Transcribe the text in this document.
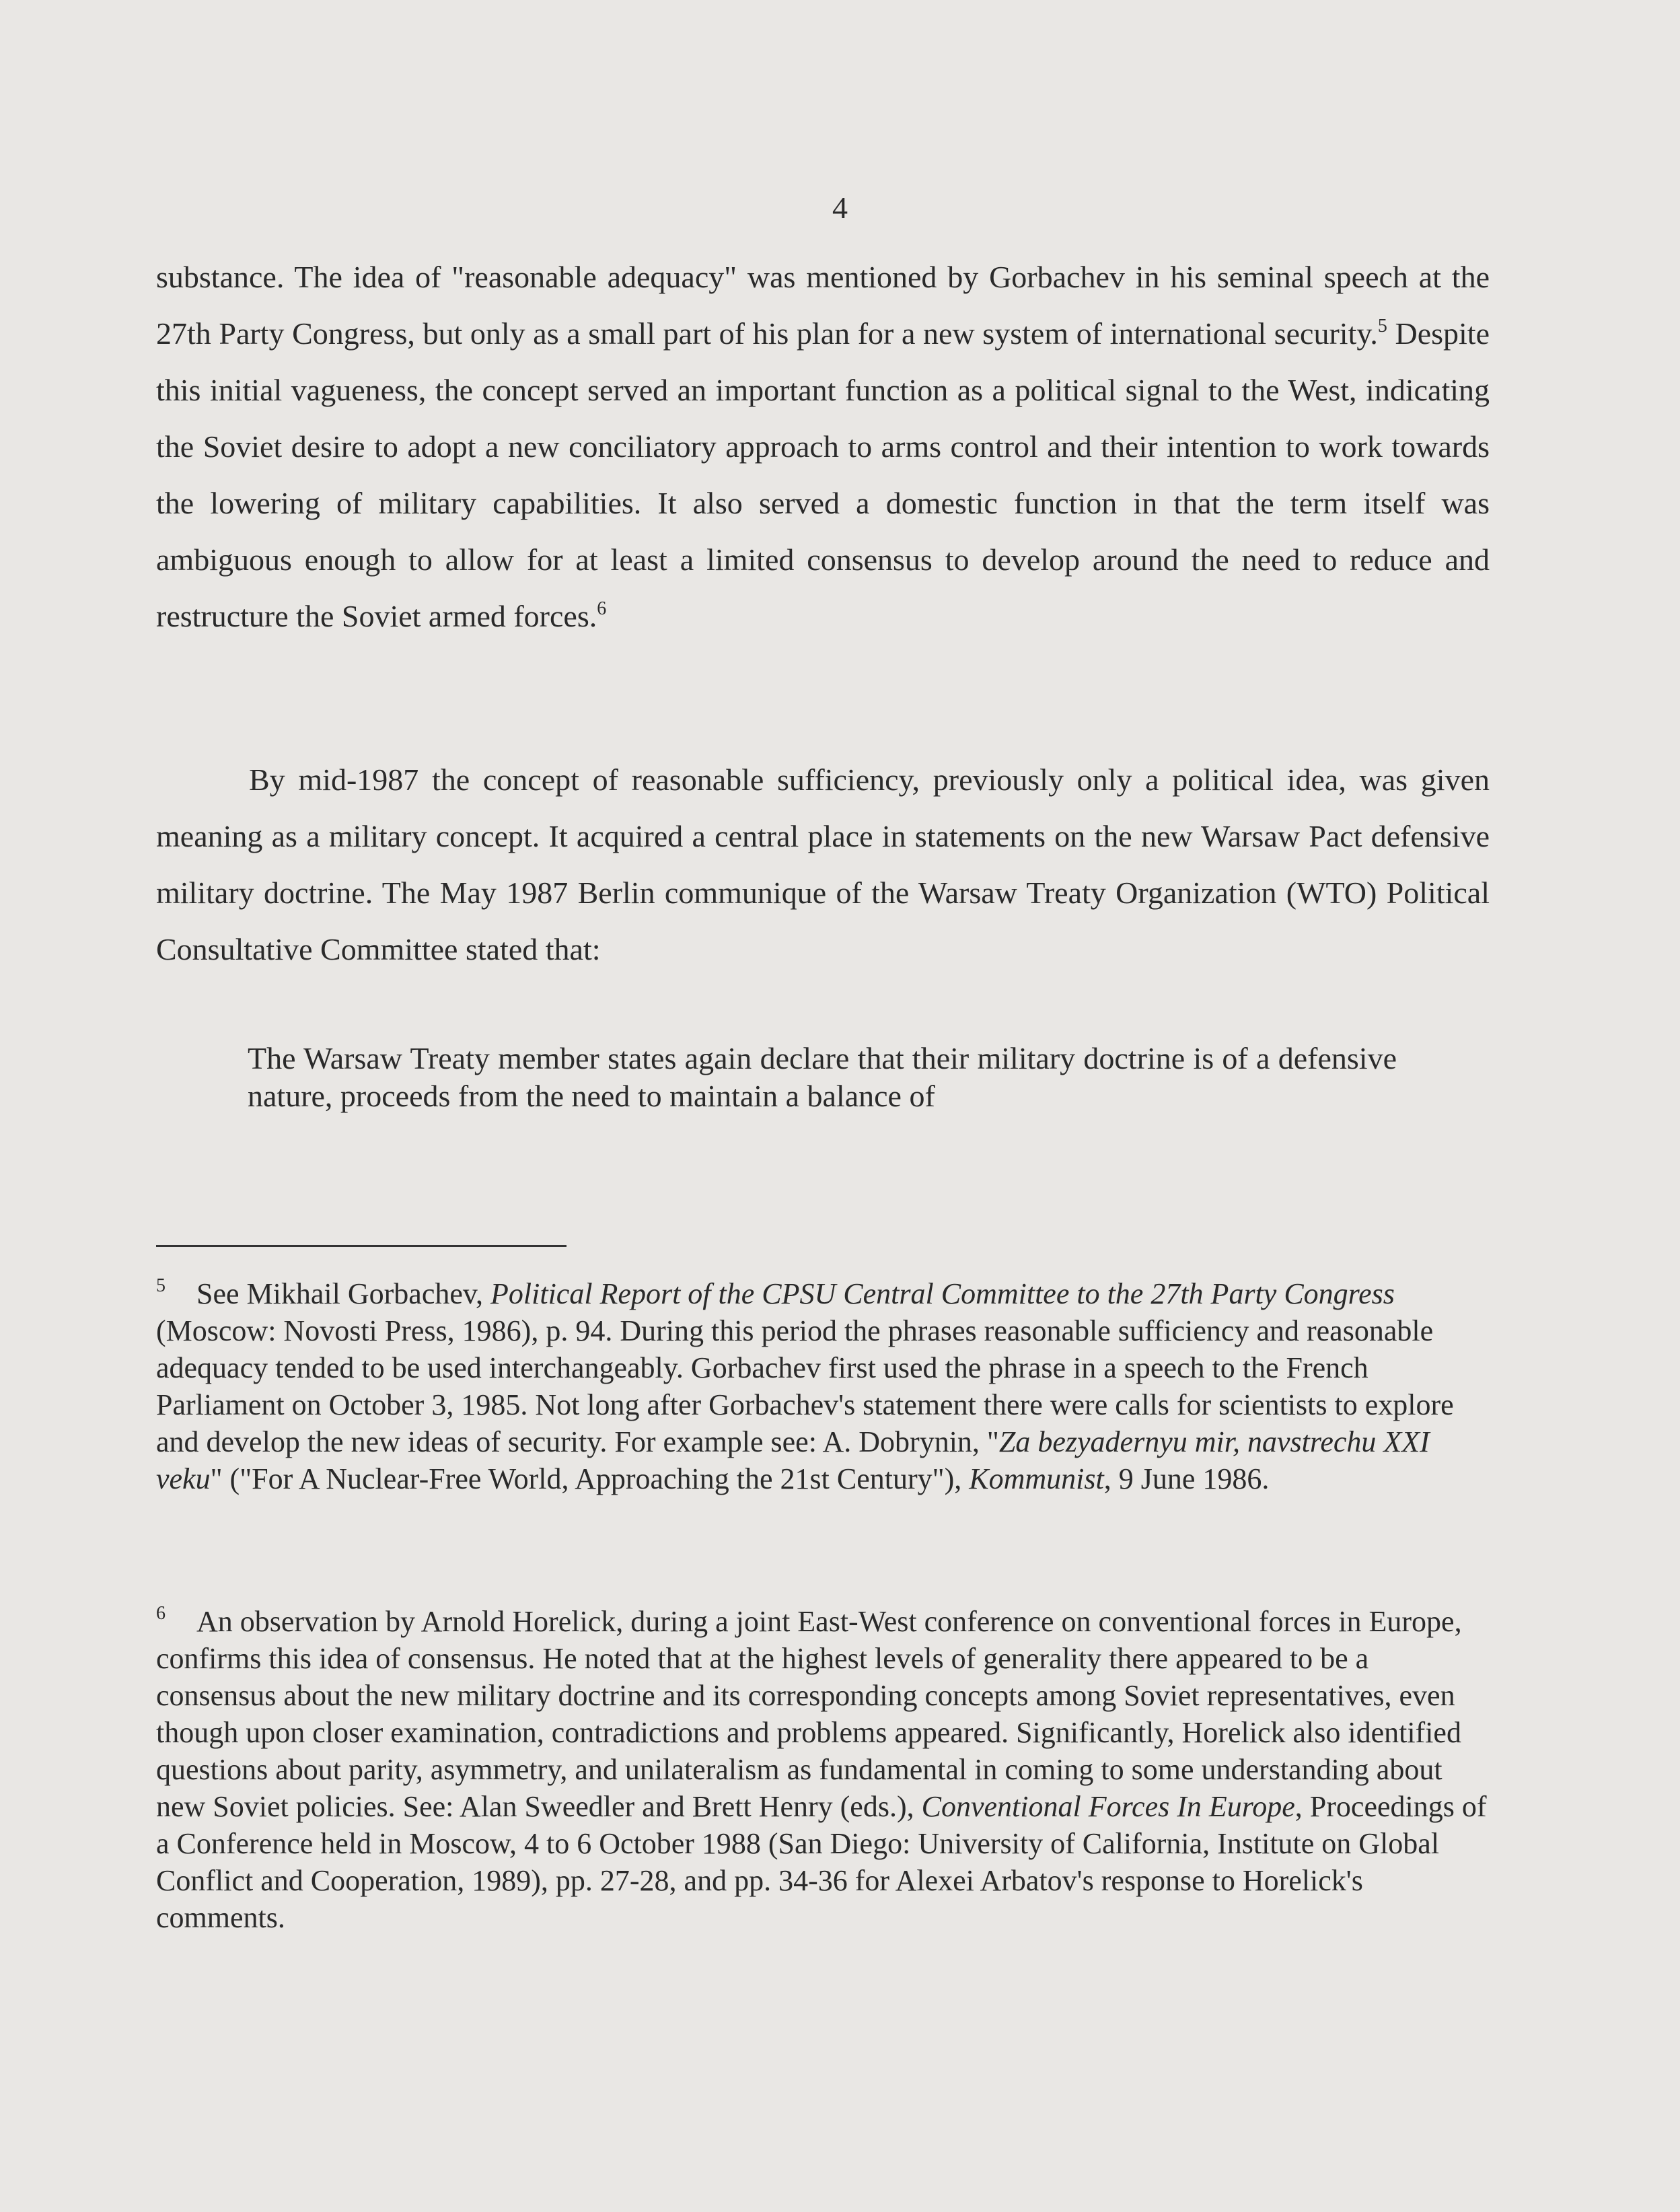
4

substance. The idea of "reasonable adequacy" was mentioned by Gorbachev in his seminal speech at the 27th Party Congress, but only as a small part of his plan for a new system of international security.$^5$ Despite this initial vagueness, the concept served an important function as a political signal to the West, indicating the Soviet desire to adopt a new conciliatory approach to arms control and their intention to work towards the lowering of military capabilities. It also served a domestic function in that the term itself was ambiguous enough to allow for at least a limited consensus to develop around the need to reduce and restructure the Soviet armed forces.$^6$

By mid-1987 the concept of reasonable sufficiency, previously only a political idea, was given meaning as a military concept. It acquired a central place in statements on the new Warsaw Pact defensive military doctrine. The May 1987 Berlin communique of the Warsaw Treaty Organization (WTO) Political Consultative Committee stated that:

The Warsaw Treaty member states again declare that their military doctrine is of a defensive nature, proceeds from the need to maintain a balance of

$^5$ See Mikhail Gorbachev, Political Report of the CPSU Central Committee to the 27th Party Congress (Moscow: Novosti Press, 1986), p. 94. During this period the phrases reasonable sufficiency and reasonable adequacy tended to be used interchangeably. Gorbachev first used the phrase in a speech to the French Parliament on October 3, 1985. Not long after Gorbachev's statement there were calls for scientists to explore and develop the new ideas of security. For example see: A. Dobrynin, "Za bezyadernyu mir, navstrechu XXI veku" ("For A Nuclear-Free World, Approaching the 21st Century"), Kommunist, 9 June 1986.

$^6$ An observation by Arnold Horelick, during a joint East-West conference on conventional forces in Europe, confirms this idea of consensus. He noted that at the highest levels of generality there appeared to be a consensus about the new military doctrine and its corresponding concepts among Soviet representatives, even though upon closer examination, contradictions and problems appeared. Significantly, Horelick also identified questions about parity, asymmetry, and unilateralism as fundamental in coming to some understanding about new Soviet policies. See: Alan Sweedler and Brett Henry (eds.), Conventional Forces In Europe, Proceedings of a Conference held in Moscow, 4 to 6 October 1988 (San Diego: University of California, Institute on Global Conflict and Cooperation, 1989), pp. 27-28, and pp. 34-36 for Alexei Arbatov's response to Horelick's comments.
